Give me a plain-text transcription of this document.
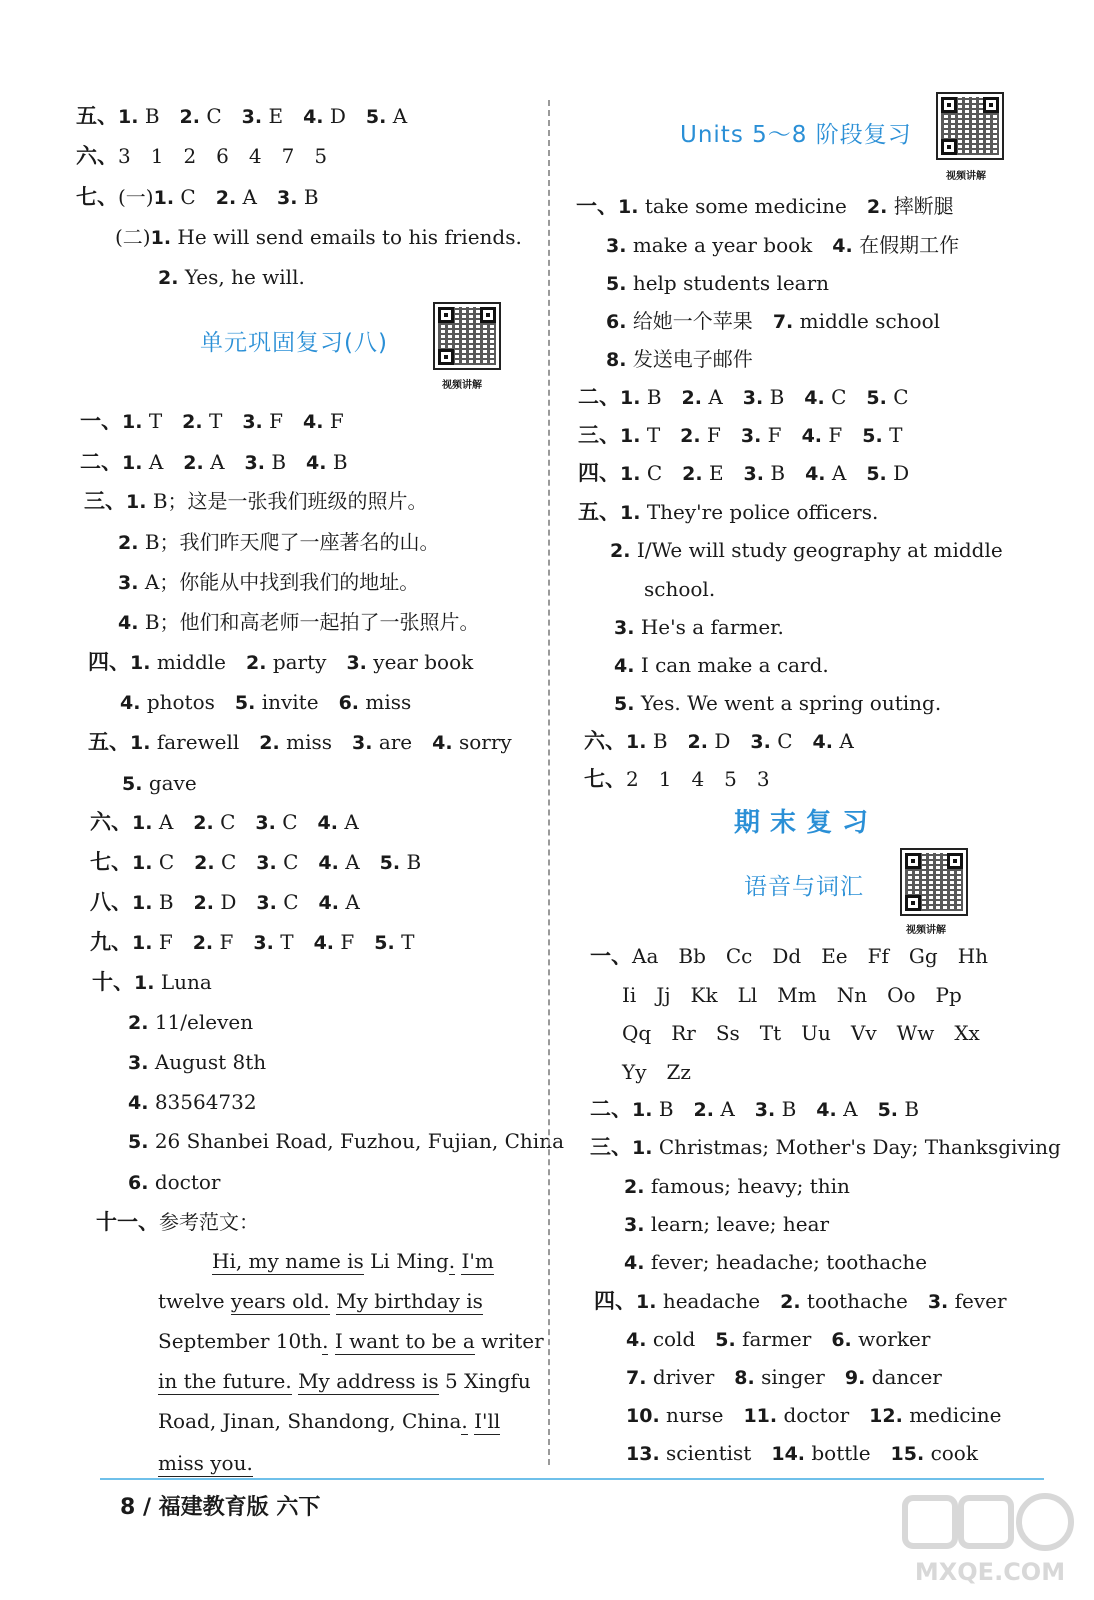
五、1. B  2. C  3. E  4. D  5. A
六、3　1　2　6　4　7　5
七、(一)1. C  2. A  3. B
(二)1. He will send emails to his friends.
2. Yes, he will.
单元巩固复习(八)
视频讲解
一、1. T  2. T  3. F  4. F
二、1. A  2. A  3. B  4. B
三、1. B；这是一张我们班级的照片。
2. B；我们昨天爬了一座著名的山。
3. A；你能从中找到我们的地址。
4. B；他们和高老师一起拍了一张照片。
四、1. middle  2. party  3. year book
4. photos  5. invite  6. miss
五、1. farewell  2. miss  3. are  4. sorry
5. gave
六、1. A  2. C  3. C  4. A
七、1. C  2. C  3. C  4. A  5. B
八、1. B  2. D  3. C  4. A
九、1. F  2. F  3. T  4. F  5. T
十、1. Luna
2. 11/eleven
3. August 8th
4. 83564732
5. 26 Shanbei Road, Fuzhou, Fujian, China
6. doctor
十一、参考范文：
Hi, my name is Li Ming. I'm
twelve years old. My birthday is
September 10th. I want to be a writer
in the future. My address is 5 Xingfu
Road, Jinan, Shandong, China. I'll
miss you.
Units 5～8 阶段复习
视频讲解
一、1. take some medicine  2. 摔断腿
3. make a year book  4. 在假期工作
5. help students learn
6. 给她一个苹果  7. middle school
8. 发送电子邮件
二、1. B  2. A  3. B  4. C  5. C
三、1. T  2. F  3. F  4. F  5. T
四、1. C  2. E  3. B  4. A  5. D
五、1. They're police officers.
2. I/We will study geography at middle
school.
3. He's a farmer.
4. I can make a card.
5. Yes. We went a spring outing.
六、1. B  2. D  3. C  4. A
七、2　1　4　5　3
期末复习
语音与词汇
视频讲解
一、Aa　Bb　Cc　Dd　Ee　Ff　Gg　Hh
Ii　Jj　Kk　Ll　Mm　Nn　Oo　Pp
Qq　Rr　Ss　Tt　Uu　Vv　Ww　Xx
Yy　Zz
二、1. B  2. A  3. B  4. A  5. B
三、1. Christmas; Mother's Day; Thanksgiving
2. famous; heavy; thin
3. learn; leave; hear
4. fever; headache; toothache
四、1. headache  2. toothache  3. fever
4. cold  5. farmer  6. worker
7. driver  8. singer  9. dancer
10. nurse  11. doctor  12. medicine
13. scientist  14. bottle  15. cook
8 / 福建教育版 六下
MXQE.COM
